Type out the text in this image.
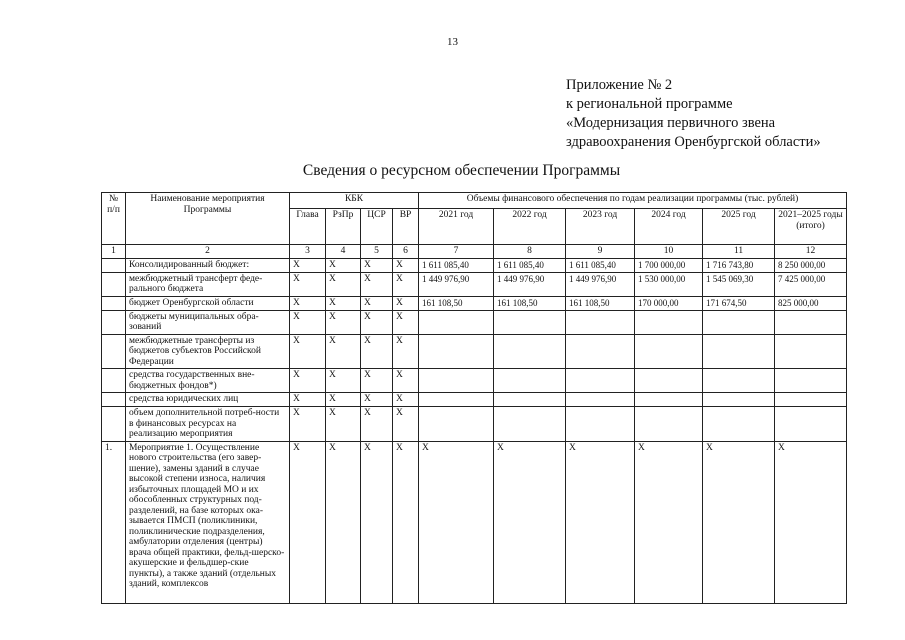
13
Приложение № 2
к региональной программе
«Модернизация первичного звена
здравоохранения Оренбургской области»
Сведения о ресурсном обеспечении Программы
№ п/п	Наименование мероприятия Программы	КБК				Объемы финансового обеспечения по годам реализации программы (тыс. рублей)					
		Глава	РзПр	ЦСР	ВР	2021 год	2022 год	2023 год	2024 год	2025 год	2021–2025 годы (итого)
1	2	3	4	5	6	7	8	9	10	11	12
	Консолидированный бюджет:	X	X	X	X	1 611 085,40	1 611 085,40	1 611 085,40	1 700 000,00	1 716 743,80	8 250 000,00
	межбюджетный трансферт феде-рального бюджета	X	X	X	X	1 449 976,90	1 449 976,90	1 449 976,90	1 530 000,00	1 545 069,30	7 425 000,00
	бюджет Оренбургской области	X	X	X	X	161 108,50	161 108,50	161 108,50	170 000,00	171 674,50	825 000,00
	бюджеты муниципальных обра-зований	X	X	X	X						
	межбюджетные трансферты из бюджетов субъектов Российской Федерации	X	X	X	X						
	средства государственных вне-бюджетных фондов*)	X	X	X	X						
	средства юридических лиц	X	X	X	X						
	объем дополнительной потреб-ности в финансовых ресурсах на реализацию мероприятия	X	X	X	X						
1.	Мероприятие 1. Осуществление нового строительства (его завер-шение), замены зданий в случае высокой степени износа, наличия избыточных площадей МО и их обособленных структурных под-разделений, на базе которых ока-зывается ПМСП (поликлиники, поликлинические подразделения, амбулатории отделения (центры) врача общей практики, фельд-шерско-акушерские и фельдшер-ские пункты), а также зданий (отдельных зданий, комплексов	X	X	X	X	X	X	X	X	X	X
